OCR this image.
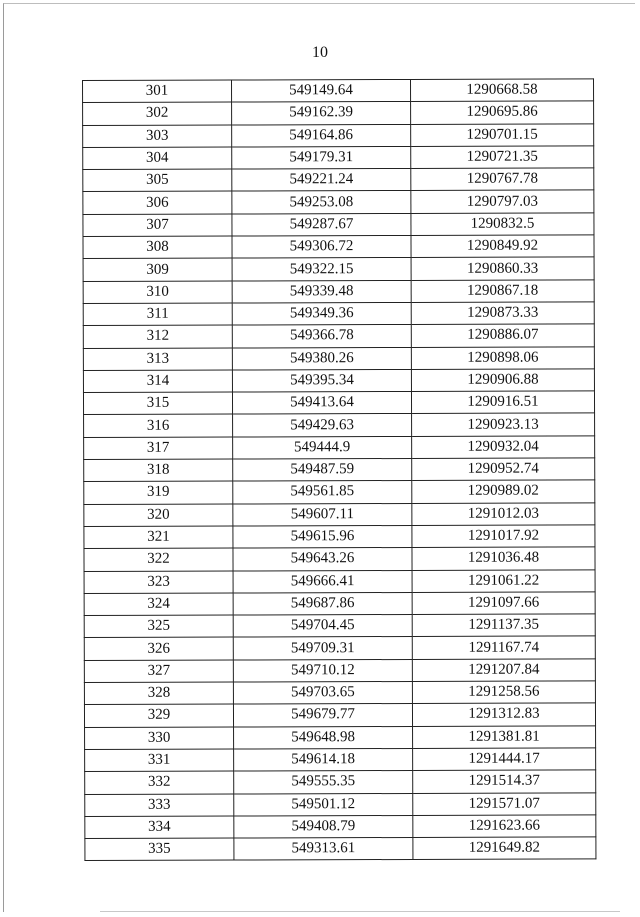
10
301	549149.64	1290668.58
302	549162.39	1290695.86
303	549164.86	1290701.15
304	549179.31	1290721.35
305	549221.24	1290767.78
306	549253.08	1290797.03
307	549287.67	1290832.5
308	549306.72	1290849.92
309	549322.15	1290860.33
310	549339.48	1290867.18
311	549349.36	1290873.33
312	549366.78	1290886.07
313	549380.26	1290898.06
314	549395.34	1290906.88
315	549413.64	1290916.51
316	549429.63	1290923.13
317	549444.9	1290932.04
318	549487.59	1290952.74
319	549561.85	1290989.02
320	549607.11	1291012.03
321	549615.96	1291017.92
322	549643.26	1291036.48
323	549666.41	1291061.22
324	549687.86	1291097.66
325	549704.45	1291137.35
326	549709.31	1291167.74
327	549710.12	1291207.84
328	549703.65	1291258.56
329	549679.77	1291312.83
330	549648.98	1291381.81
331	549614.18	1291444.17
332	549555.35	1291514.37
333	549501.12	1291571.07
334	549408.79	1291623.66
335	549313.61	1291649.82
